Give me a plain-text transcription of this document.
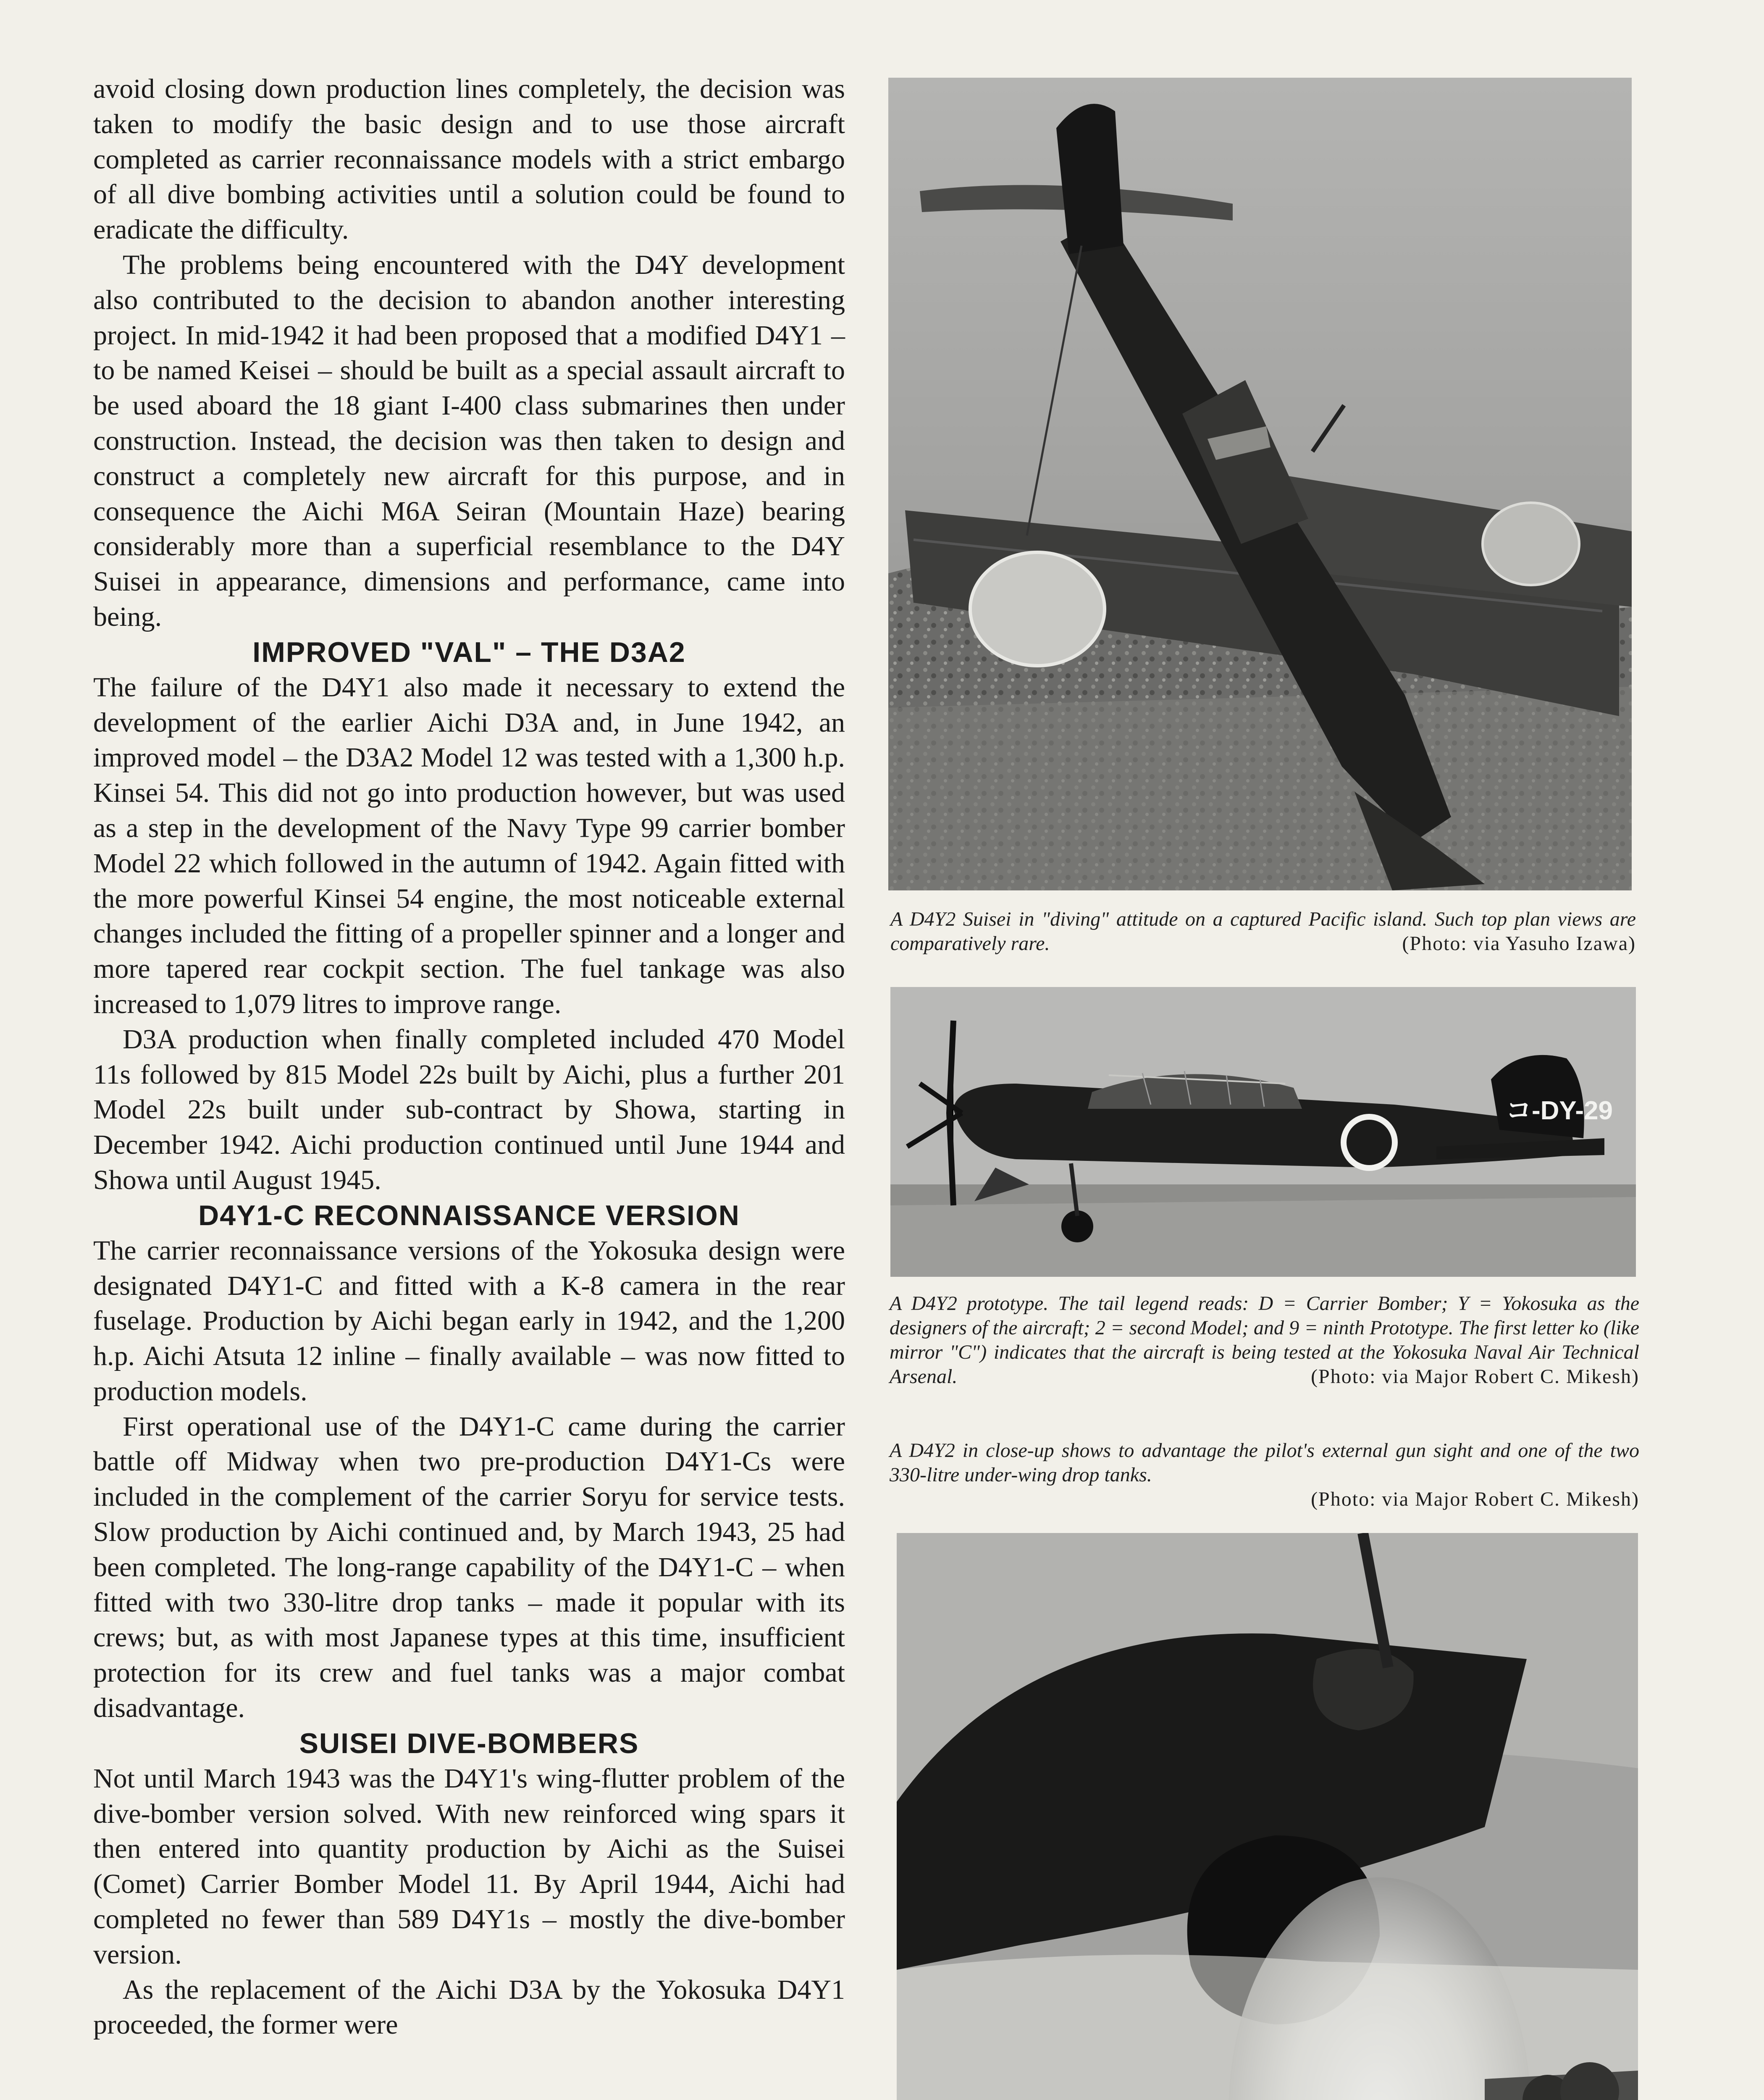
avoid closing down production lines completely, the decision was taken to modify the basic design and to use those aircraft completed as carrier reconnaissance models with a strict embargo of all dive bombing activities until a solution could be found to eradicate the difficulty.

The problems being encountered with the D4Y development also contributed to the decision to abandon another interesting project. In mid-1942 it had been proposed that a modified D4Y1 – to be named Keisei – should be built as a special assault aircraft to be used aboard the 18 giant I-400 class submarines then under construction. Instead, the decision was then taken to design and construct a completely new aircraft for this purpose, and in consequence the Aichi M6A Seiran (Mountain Haze) bearing considerably more than a superficial resemblance to the D4Y Suisei in appearance, dimensions and performance, came into being.

IMPROVED "VAL" – THE D3A2

The failure of the D4Y1 also made it necessary to extend the development of the earlier Aichi D3A and, in June 1942, an improved model – the D3A2 Model 12 was tested with a 1,300 h.p. Kinsei 54. This did not go into production however, but was used as a step in the development of the Navy Type 99 carrier bomber Model 22 which followed in the autumn of 1942. Again fitted with the more powerful Kinsei 54 engine, the most noticeable external changes included the fitting of a propeller spinner and a longer and more tapered rear cockpit section. The fuel tankage was also increased to 1,079 litres to improve range.

D3A production when finally completed included 470 Model 11s followed by 815 Model 22s built by Aichi, plus a further 201 Model 22s built under sub-contract by Showa, starting in December 1942. Aichi production continued until June 1944 and Showa until August 1945.

D4Y1-C RECONNAISSANCE VERSION

The carrier reconnaissance versions of the Yokosuka design were designated D4Y1-C and fitted with a K-8 camera in the rear fuselage. Production by Aichi began early in 1942, and the 1,200 h.p. Aichi Atsuta 12 inline – finally available – was now fitted to production models.

First operational use of the D4Y1-C came during the carrier battle off Midway when two pre-production D4Y1-Cs were included in the complement of the carrier Soryu for service tests. Slow production by Aichi continued and, by March 1943, 25 had been completed. The long-range capability of the D4Y1-C – when fitted with two 330-litre drop tanks – made it popular with its crews; but, as with most Japanese types at this time, insufficient protection for its crew and fuel tanks was a major combat disadvantage.

SUISEI DIVE-BOMBERS

Not until March 1943 was the D4Y1's wing-flutter problem of the dive-bomber version solved. With new reinforced wing spars it then entered into quantity production by Aichi as the Suisei (Comet) Carrier Bomber Model 11. By April 1944, Aichi had completed no fewer than 589 D4Y1s – mostly the dive-bomber version.

As the replacement of the Aichi D3A by the Yokosuka D4Y1 proceeded, the former were

A D4Y2 Suisei in "diving" attitude on a captured Pacific island. Such top plan views are comparatively rare.	(Photo: via Yasuho Izawa)
コ-DY-29
A D4Y2 prototype. The tail legend reads: D = Carrier Bomber; Y = Yokosuka as the designers of the aircraft; 2 = second Model; and 9 = ninth Prototype. The first letter ko (like mirror "C") indicates that the aircraft is being tested at the Yokosuka Naval Air Technical Arsenal.	(Photo: via Major Robert C. Mikesh)
A D4Y2 in close-up shows to advantage the pilot's external gun sight and one of the two 330-litre under-wing drop tanks.
(Photo: via Major Robert C. Mikesh)
